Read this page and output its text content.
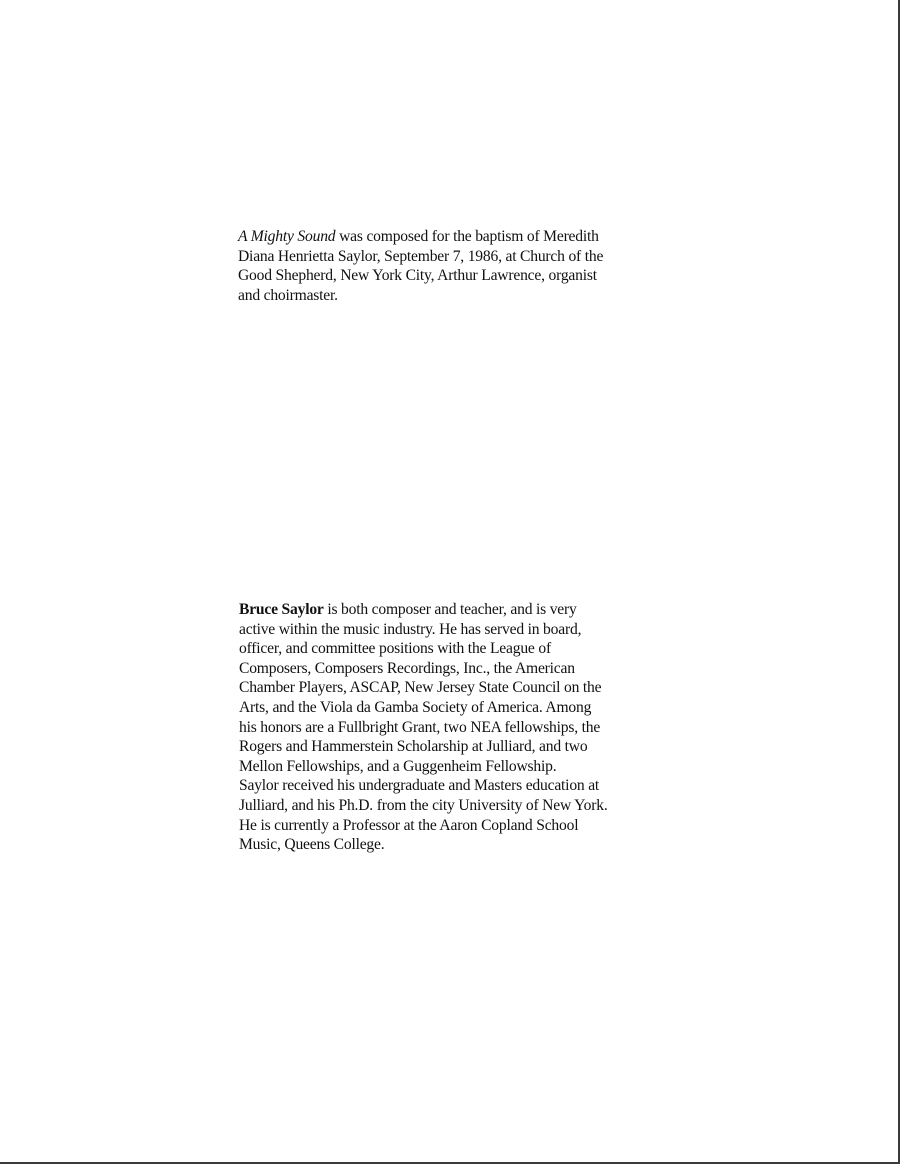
A Mighty Sound was composed for the baptism of Meredith
Diana Henrietta Saylor, September 7, 1986, at Church of the
Good Shepherd, New York City, Arthur Lawrence, organist
and choirmaster.
Bruce Saylor is both composer and teacher, and is very
active within the music industry. He has served in board,
officer, and committee positions with the League of
Composers, Composers Recordings, Inc., the American
Chamber Players, ASCAP, New Jersey State Council on the
Arts, and the Viola da Gamba Society of America. Among
his honors are a Fullbright Grant, two NEA fellowships, the
Rogers and Hammerstein Scholarship at Julliard, and two
Mellon Fellowships, and a Guggenheim Fellowship.
Saylor received his undergraduate and Masters education at
Julliard, and his Ph.D. from the city University of New York.
He is currently a Professor at the Aaron Copland School
Music, Queens College.
